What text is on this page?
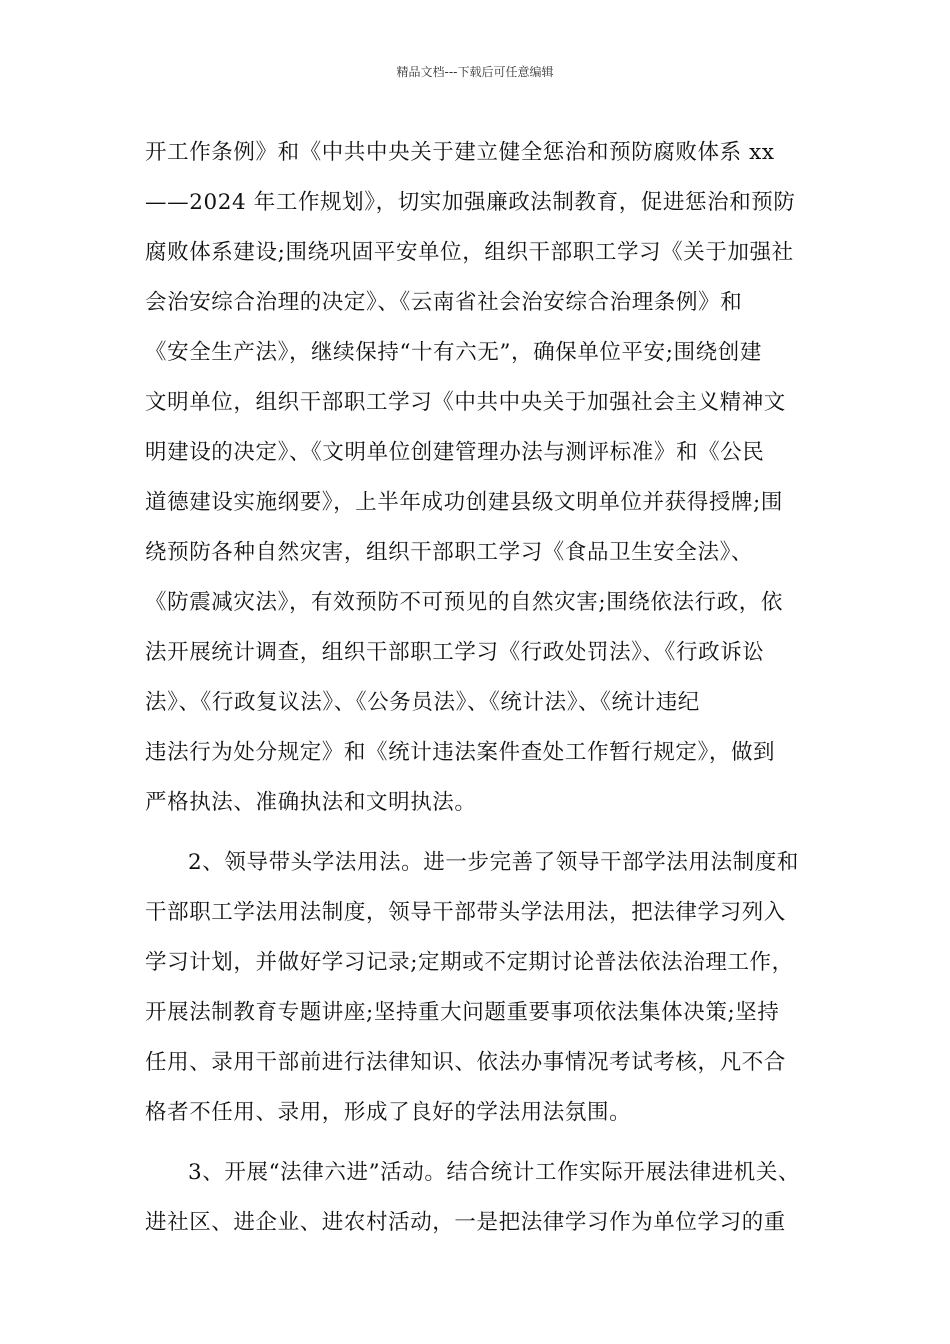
精品文档---下载后可任意编辑
开工作条例》和《中共中央关于建立健全惩治和预防腐败体系 xx
——2024 年工作规划》，切实加强廉政法制教育，促进惩治和预防
腐败体系建设;围绕巩固平安单位，组织干部职工学习《关于加强社
会治安综合治理的决定》、《云南省社会治安综合治理条例》和
《安全生产法》，继续保持“十有六无”，确保单位平安;围绕创建
文明单位，组织干部职工学习《中共中央关于加强社会主义精神文
明建设的决定》、《文明单位创建管理办法与测评标准》和《公民
道德建设实施纲要》，上半年成功创建县级文明单位并获得授牌;围
绕预防各种自然灾害，组织干部职工学习《食品卫生安全法》、
《防震减灾法》，有效预防不可预见的自然灾害;围绕依法行政，依
法开展统计调查，组织干部职工学习《行政处罚法》、《行政诉讼
法》、《行政复议法》、《公务员法》、《统计法》、《统计违纪
违法行为处分规定》和《统计违法案件查处工作暂行规定》，做到
严格执法、准确执法和文明执法。
2、领导带头学法用法。进一步完善了领导干部学法用法制度和
干部职工学法用法制度，领导干部带头学法用法，把法律学习列入
学习计划，并做好学习记录;定期或不定期讨论普法依法治理工作，
开展法制教育专题讲座;坚持重大问题重要事项依法集体决策;坚持
任用、录用干部前进行法律知识、依法办事情况考试考核，凡不合
格者不任用、录用，形成了良好的学法用法氛围。
3、开展“法律六进”活动。结合统计工作实际开展法律进机关、
进社区、进企业、进农村活动，一是把法律学习作为单位学习的重
